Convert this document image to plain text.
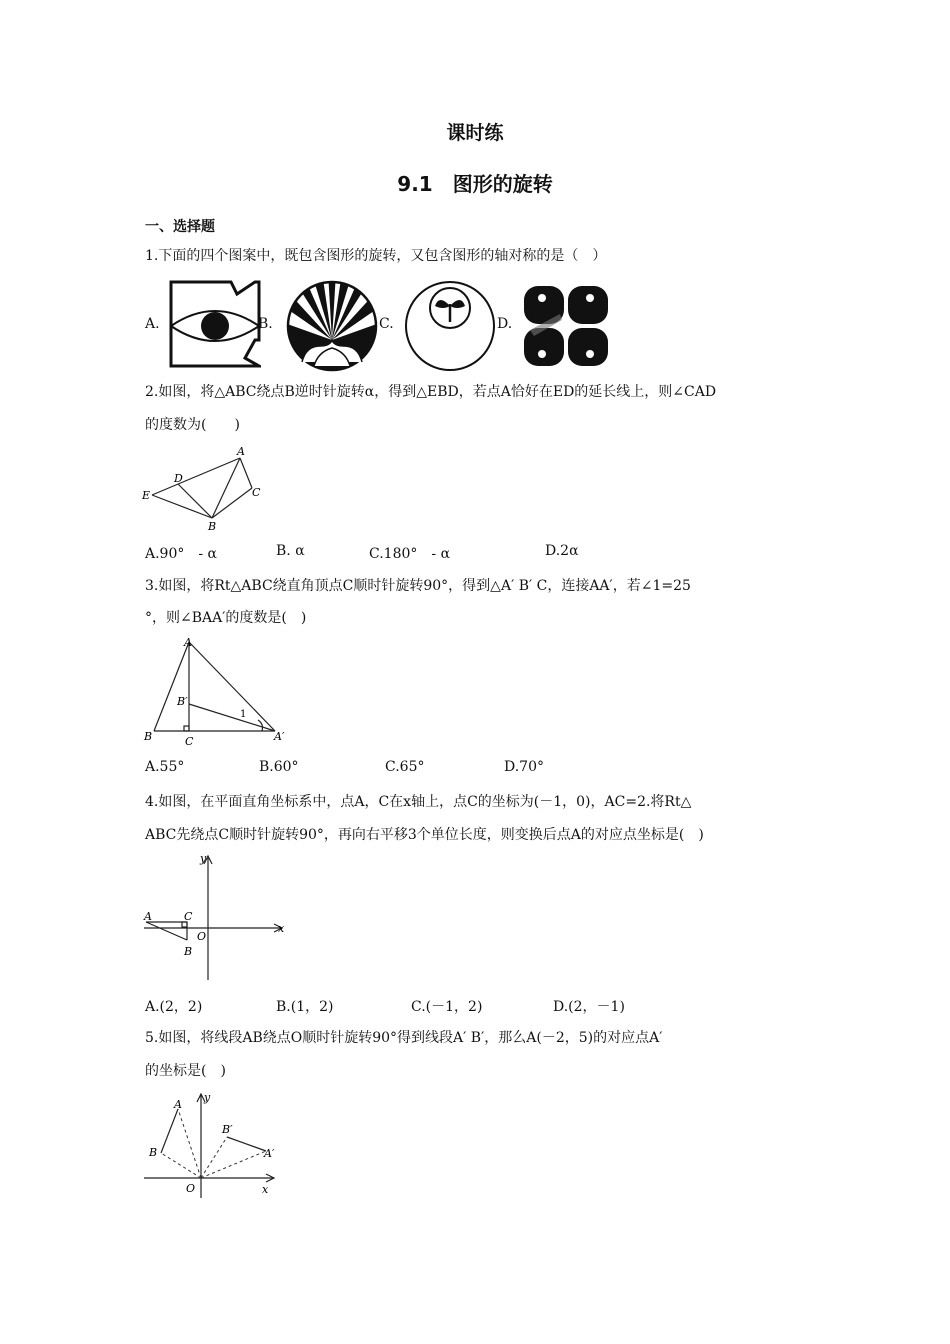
课时练
9.1　图形的旋转
一、选择题
1.下面的四个图案中，既包含图形的旋转，又包含图形的轴对称的是（　）
A.	B.	C.	D.
2.如图，将△ABC绕点B逆时针旋转α，得到△EBD，若点A恰好在ED的延长线上，则∠CAD
的度数为(　　)
A
B
C
D
E
A.90°　- α	B. α	C.180°　- α	D.2α
3.如图，将Rt△ABC绕直角顶点C顺时针旋转90°，得到△A′ B′ C，连接AA′，若∠1=25
°，则∠BAA′的度数是(　)
A
B′
1
B	C	A′
A.55°	B.60°	C.65°	D.70°
4.如图，在平面直角坐标系中，点A，C在x轴上，点C的坐标为(－1，0)，AC=2.将Rt△
ABC先绕点C顺时针旋转90°，再向右平移3个单位长度，则变换后点A的对应点坐标是(　)
y
A	C
O
x
B
A.(2，2)	B.(1，2)	C.(－1，2)	D.(2，－1)
5.如图，将线段AB绕点O顺时针旋转90°得到线段A′ B′，那么A(－2，5)的对应点A′
的坐标是(　)
y
A
B′
B	A′
O	x
